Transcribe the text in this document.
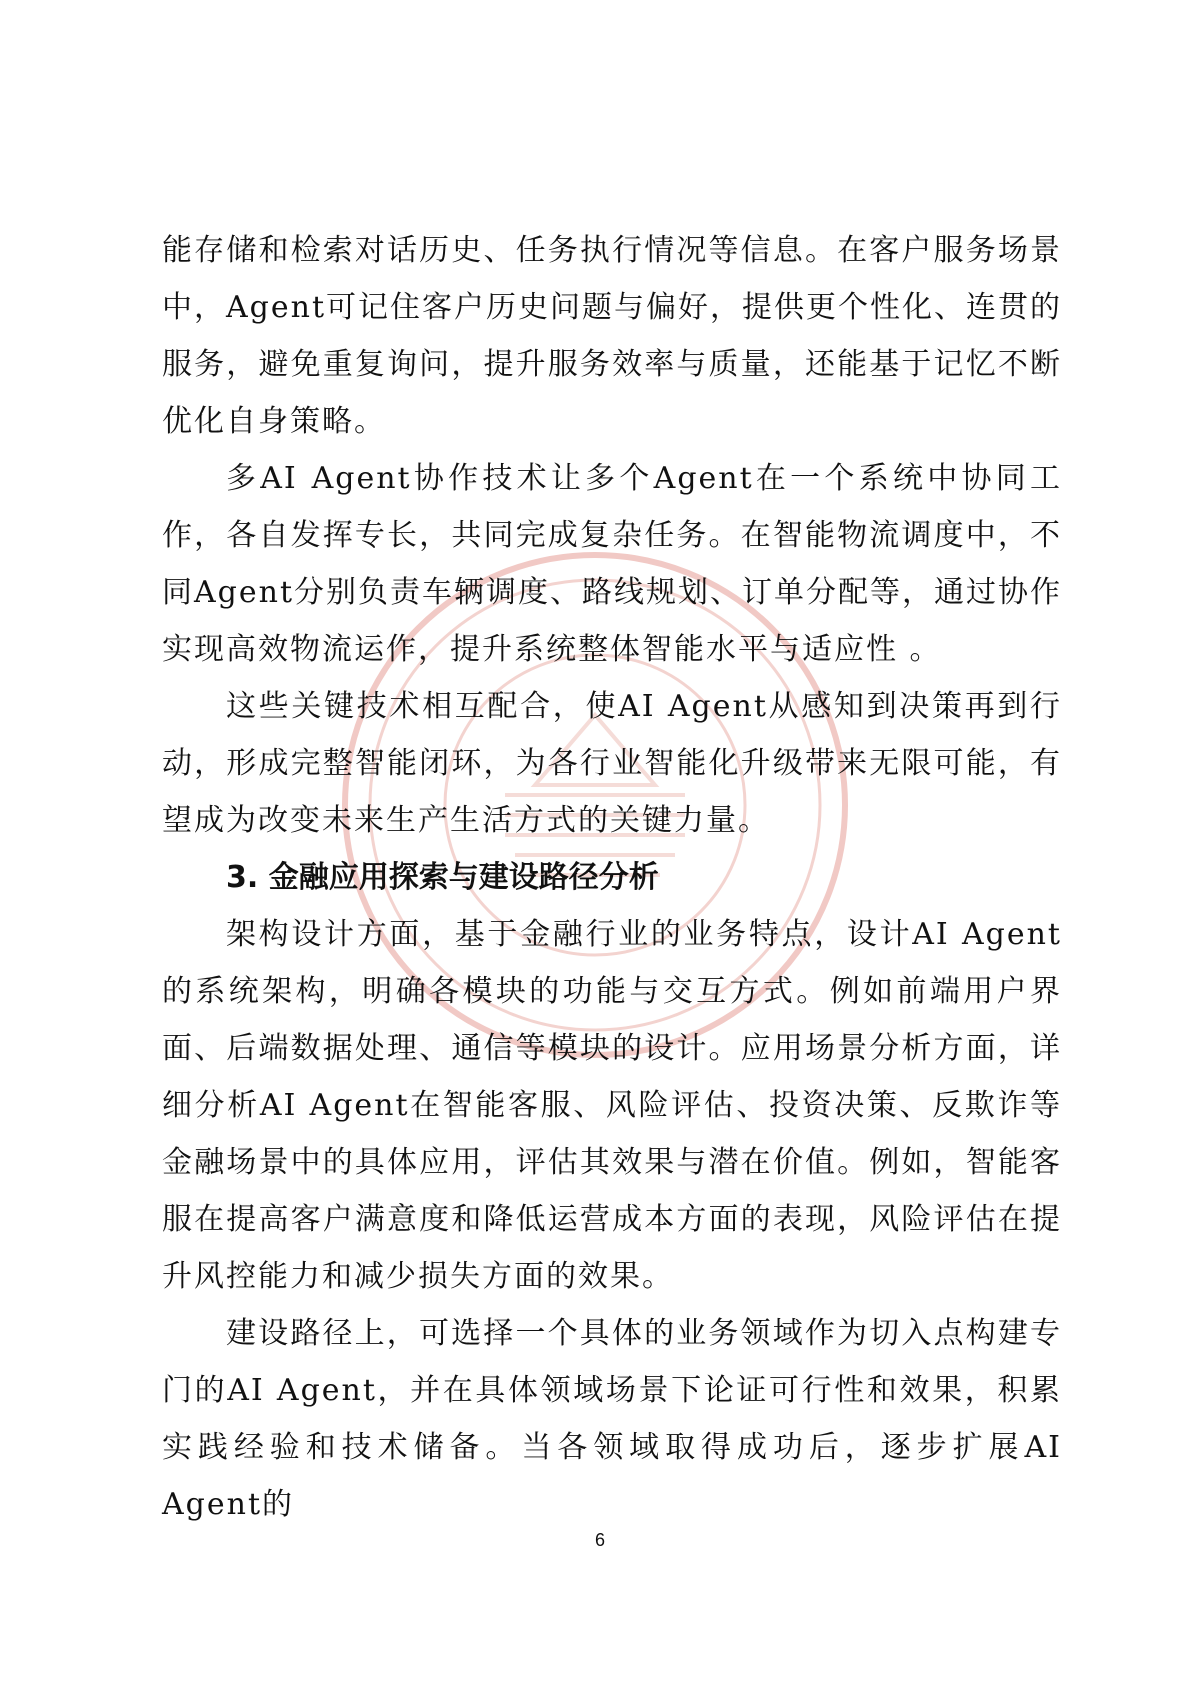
能存储和检索对话历史、任务执行情况等信息。在客户服务场景中，Agent可记住客户历史问题与偏好，提供更个性化、连贯的服务，避免重复询问，提升服务效率与质量，还能基于记忆不断优化自身策略。

多AI Agent协作技术让多个Agent在一个系统中协同工作，各自发挥专长，共同完成复杂任务。在智能物流调度中，不同Agent分别负责车辆调度、路线规划、订单分配等，通过协作实现高效物流运作，提升系统整体智能水平与适应性 。

这些关键技术相互配合，使AI Agent从感知到决策再到行动，形成完整智能闭环，为各行业智能化升级带来无限可能，有望成为改变未来生产生活方式的关键力量。

3. 金融应用探索与建设路径分析

架构设计方面，基于金融行业的业务特点，设计AI Agent的系统架构，明确各模块的功能与交互方式。例如前端用户界面、后端数据处理、通信等模块的设计。应用场景分析方面，详细分析AI Agent在智能客服、风险评估、投资决策、反欺诈等金融场景中的具体应用，评估其效果与潜在价值。例如，智能客服在提高客户满意度和降低运营成本方面的表现，风险评估在提升风控能力和减少损失方面的效果。

建设路径上，可选择一个具体的业务领域作为切入点构建专门的AI Agent，并在具体领域场景下论证可行性和效果，积累实践经验和技术储备。当各领域取得成功后，逐步扩展AI Agent的

6
